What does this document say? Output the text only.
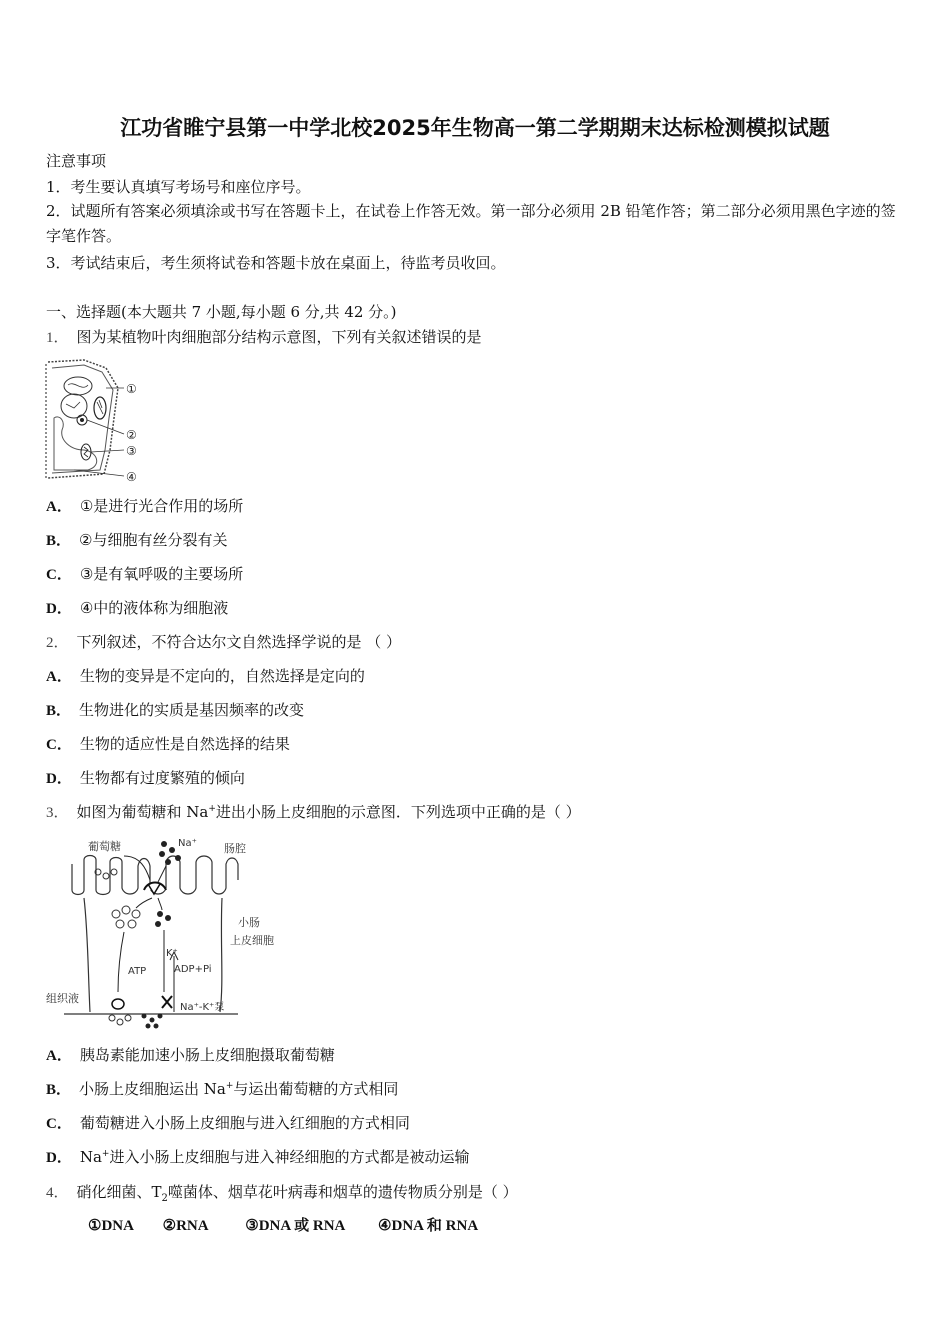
江功省睢宁县第一中学北校2025年生物高一第二学期期末达标检测模拟试题
注意事项
1．考生要认真填写考场号和座位序号。
2．试题所有答案必须填涂或书写在答题卡上，在试卷上作答无效。第一部分必须用 2B 铅笔作答；第二部分必须用黑色字迹的签字笔作答。
3．考试结束后，考生须将试卷和答题卡放在桌面上，待监考员收回。
一、选择题(本大题共 7 小题,每小题 6 分,共 42 分。)
1． 图为某植物叶肉细胞部分结构示意图，下列有关叙述错误的是
①
②
③
④
A． ①是进行光合作用的场所
B． ②与细胞有丝分裂有关
C． ③是有氧呼吸的主要场所
D． ④中的液体称为细胞液
2． 下列叙述，不符合达尔文自然选择学说的是 （ ）
A． 生物的变异是不定向的，自然选择是定向的
B． 生物进化的实质是基因频率的改变
C． 生物的适应性是自然选择的结果
D． 生物都有过度繁殖的倾向
3． 如图为葡萄糖和 Na+进出小肠上皮细胞的示意图．下列选项中正确的是（ ）
葡萄糖	Na⁺ 肠腔
小肠
上皮细胞
K⁺
ATP	ADP+Pi
组织液
Na⁺-K⁺泵
A． 胰岛素能加速小肠上皮细胞摄取葡萄糖
B． 小肠上皮细胞运出 Na+与运出葡萄糖的方式相同
C． 葡萄糖进入小肠上皮细胞与进入红细胞的方式相同
D． Na+进入小肠上皮细胞与进入神经细胞的方式都是被动运输
4． 硝化细菌、$T_2$噬菌体、烟草花叶病毒和烟草的遗传物质分别是（ ）
①DNA ②RNA	③DNA 或 RNA ④DNA 和 RNA
